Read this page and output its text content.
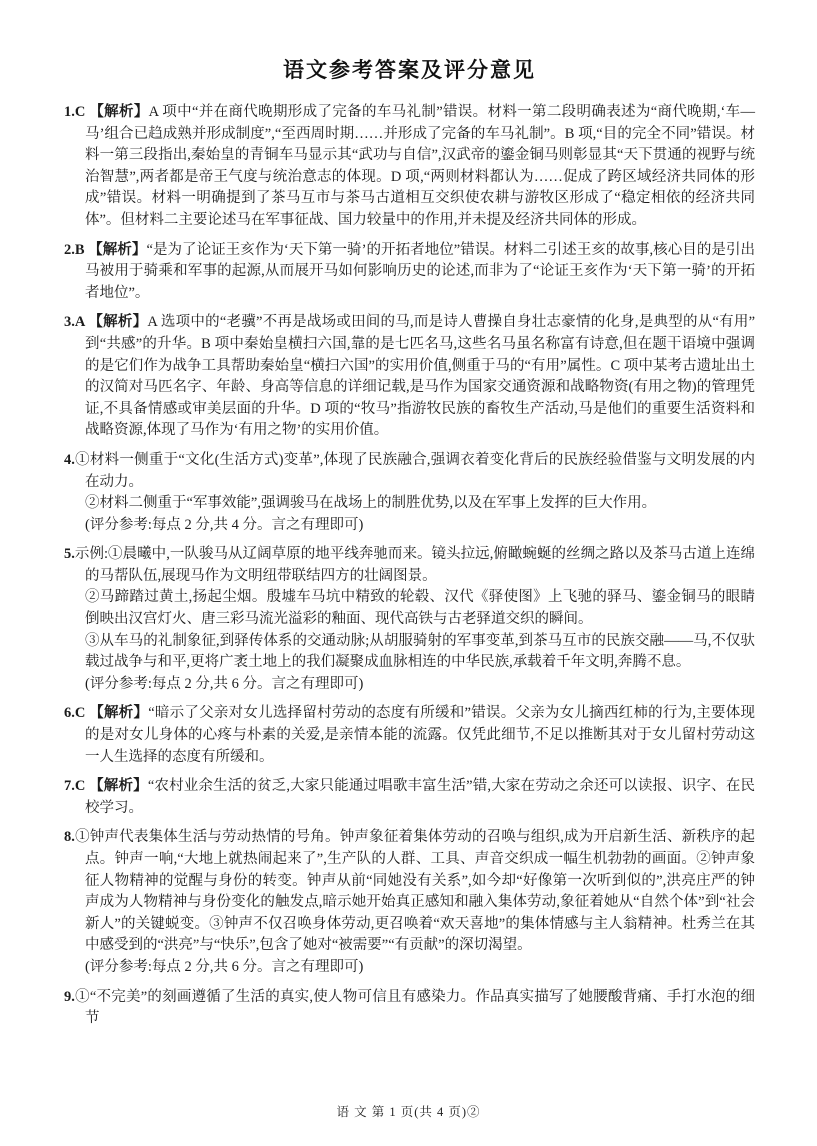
语文参考答案及评分意见

1.C 【解析】A 项中“并在商代晚期形成了完备的车马礼制”错误。材料一第二段明确表述为“商代晚期,‘车—马’组合已趋成熟并形成制度”,“至西周时期……并形成了完备的车马礼制”。B 项,“目的完全不同”错误。材料一第三段指出,秦始皇的青铜车马显示其“武功与自信”,汉武帝的鎏金铜马则彰显其“天下贯通的视野与统治智慧”,两者都是帝王气度与统治意志的体现。D 项,“两则材料都认为……促成了跨区域经济共同体的形成”错误。材料一明确提到了茶马互市与茶马古道相互交织使农耕与游牧区形成了“稳定相依的经济共同体”。但材料二主要论述马在军事征战、国力较量中的作用,并未提及经济共同体的形成。

2.B 【解析】“是为了论证王亥作为‘天下第一骑’的开拓者地位”错误。材料二引述王亥的故事,核心目的是引出马被用于骑乘和军事的起源,从而展开马如何影响历史的论述,而非为了“论证王亥作为‘天下第一骑’的开拓者地位”。

3.A 【解析】A 选项中的“老骥”不再是战场或田间的马,而是诗人曹操自身壮志豪情的化身,是典型的从“有用”到“共感”的升华。B 项中秦始皇横扫六国,靠的是七匹名马,这些名马虽名称富有诗意,但在题干语境中强调的是它们作为战争工具帮助秦始皇“横扫六国”的实用价值,侧重于马的“有用”属性。C 项中某考古遗址出土的汉简对马匹名字、年龄、身高等信息的详细记载,是马作为国家交通资源和战略物资(有用之物)的管理凭证,不具备情感或审美层面的升华。D 项的“牧马”指游牧民族的畜牧生产活动,马是他们的重要生活资料和战略资源,体现了马作为‘有用之物’的实用价值。

4.①材料一侧重于“文化(生活方式)变革”,体现了民族融合,强调衣着变化背后的民族经验借鉴与文明发展的内在动力。

②材料二侧重于“军事效能”,强调骏马在战场上的制胜优势,以及在军事上发挥的巨大作用。

(评分参考:每点 2 分,共 4 分。言之有理即可)

5.示例:①晨曦中,一队骏马从辽阔草原的地平线奔驰而来。镜头拉远,俯瞰蜿蜒的丝绸之路以及茶马古道上连绵的马帮队伍,展现马作为文明纽带联结四方的壮阔图景。

②马蹄踏过黄土,扬起尘烟。殷墟车马坑中精致的轮毂、汉代《驿使图》上飞驰的驿马、鎏金铜马的眼睛倒映出汉宫灯火、唐三彩马流光溢彩的釉面、现代高铁与古老驿道交织的瞬间。

③从车马的礼制象征,到驿传体系的交通动脉;从胡服骑射的军事变革,到茶马互市的民族交融——马,不仅驮载过战争与和平,更将广袤土地上的我们凝聚成血脉相连的中华民族,承载着千年文明,奔腾不息。

(评分参考:每点 2 分,共 6 分。言之有理即可)

6.C 【解析】“暗示了父亲对女儿选择留村劳动的态度有所缓和”错误。父亲为女儿摘西红柿的行为,主要体现的是对女儿身体的心疼与朴素的关爱,是亲情本能的流露。仅凭此细节,不足以推断其对于女儿留村劳动这一人生选择的态度有所缓和。

7.C 【解析】“农村业余生活的贫乏,大家只能通过唱歌丰富生活”错,大家在劳动之余还可以读报、识字、在民校学习。

8.①钟声代表集体生活与劳动热情的号角。钟声象征着集体劳动的召唤与组织,成为开启新生活、新秩序的起点。钟声一响,“大地上就热闹起来了”,生产队的人群、工具、声音交织成一幅生机勃勃的画面。②钟声象征人物精神的觉醒与身份的转变。钟声从前“同她没有关系”,如今却“好像第一次听到似的”,洪亮庄严的钟声成为人物精神与身份变化的触发点,暗示她开始真正感知和融入集体劳动,象征着她从“自然个体”到“社会新人”的关键蜕变。③钟声不仅召唤身体劳动,更召唤着“欢天喜地”的集体情感与主人翁精神。杜秀兰在其中感受到的“洪亮”与“快乐”,包含了她对“被需要”“有贡献”的深切渴望。

(评分参考:每点 2 分,共 6 分。言之有理即可)

9.①“不完美”的刻画遵循了生活的真实,使人物可信且有感染力。作品真实描写了她腰酸背痛、手打水泡的细节

语 文 第 1 页(共 4 页)②
